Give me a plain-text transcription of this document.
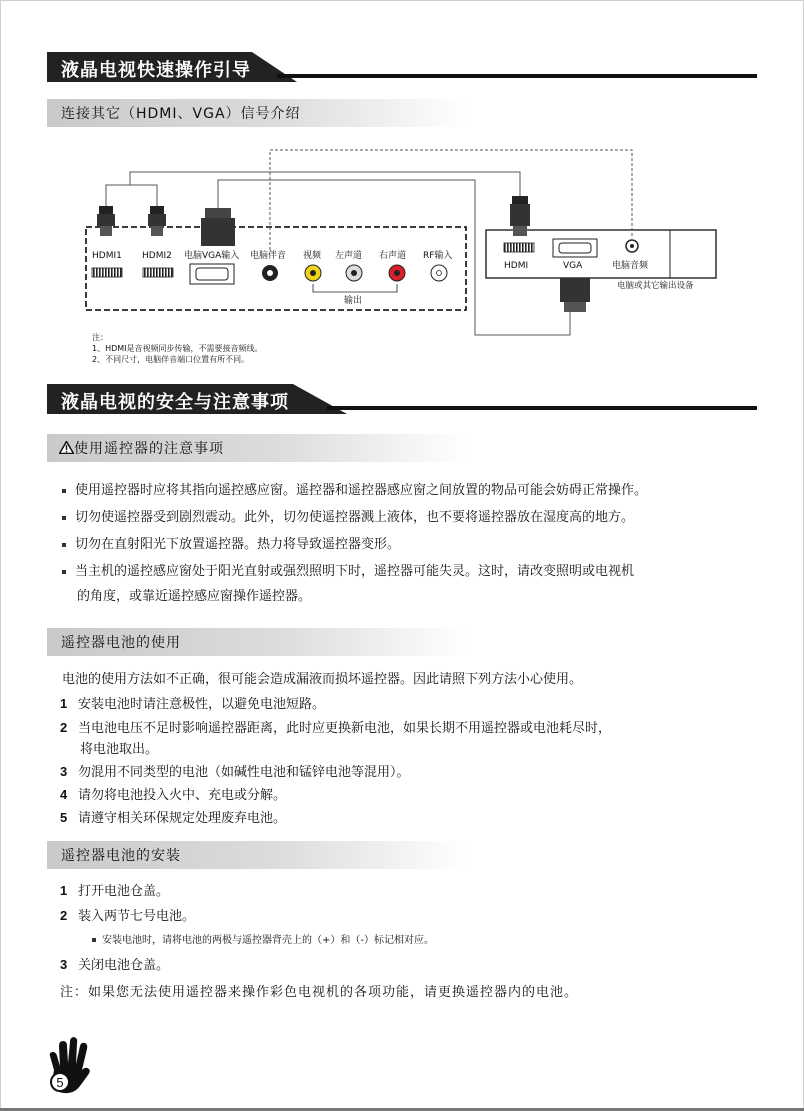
液晶电视快速操作引导
连接其它（HDMI、VGA）信号介绍
HDMI1 HDMI2 电脑VGA输入 电脑伴音 视频 左声道 右声道 RF输入
输出
HDMI	VGA	电脑音频
电脑或其它输出设备
注：
1、HDMI是音视频同步传输，不需要接音频线。
2、不同尺寸，电脑伴音端口位置有所不同。
液晶电视的安全与注意事项
使用遥控器的注意事项
使用遥控器时应将其指向遥控感应窗。遥控器和遥控器感应窗之间放置的物品可能会妨碍正常操作。
切勿使遥控器受到剧烈震动。此外，切勿使遥控器溅上液体，也不要将遥控器放在湿度高的地方。
切勿在直射阳光下放置遥控器。热力将导致遥控器变形。
当主机的遥控感应窗处于阳光直射或强烈照明下时，遥控器可能失灵。这时，请改变照明或电视机
的角度，或靠近遥控感应窗操作遥控器。
遥控器电池的使用
电池的使用方法如不正确，很可能会造成漏液而损坏遥控器。因此请照下列方法小心使用。
1 安装电池时请注意极性，以避免电池短路。
2 当电池电压不足时影响遥控器距离，此时应更换新电池，如果长期不用遥控器或电池耗尽时，
将电池取出。
3 勿混用不同类型的电池（如碱性电池和锰锌电池等混用）。
4 请勿将电池投入火中、充电或分解。
5 请遵守相关环保规定处理废弃电池。
遥控器电池的安装
1 打开电池仓盖。
2 装入两节七号电池。
安装电池时，请将电池的两极与遥控器背壳上的（+）和（-）标记相对应。
3 关闭电池仓盖。
注：如果您无法使用遥控器来操作彩色电视机的各项功能，请更换遥控器内的电池。
5
